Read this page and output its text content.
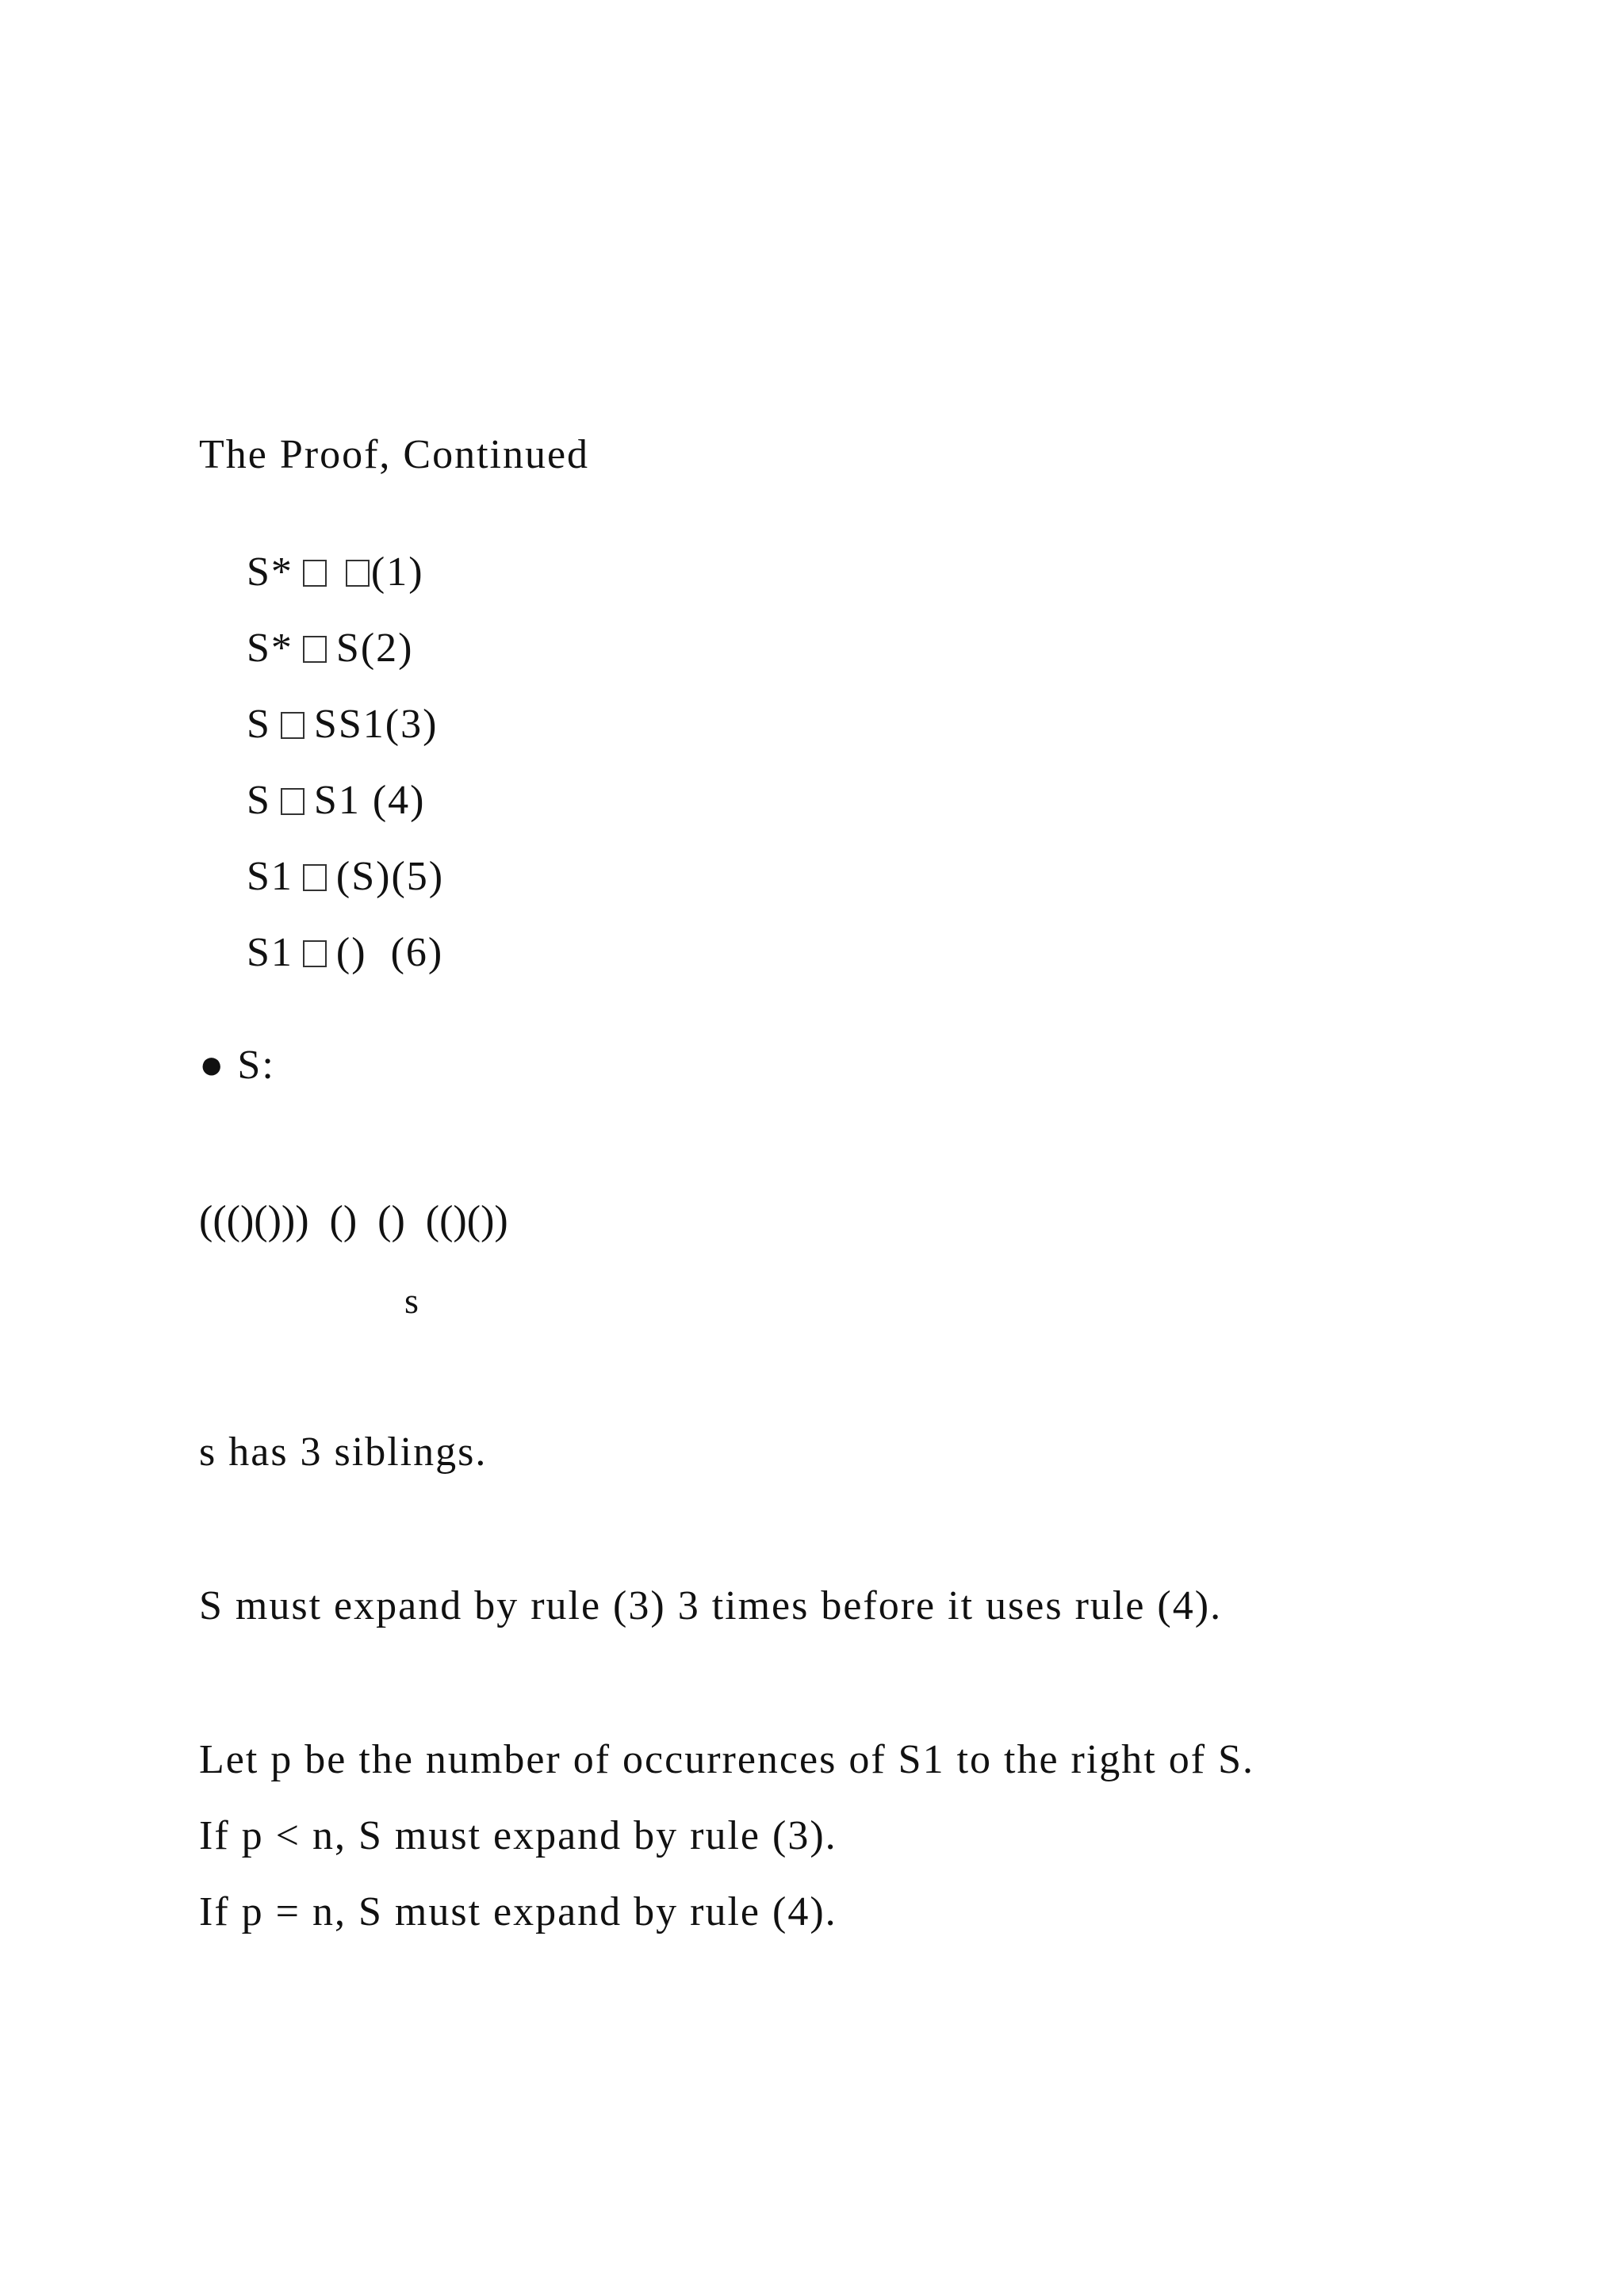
The Proof, Continued

S* (1)

S* S(2)

S SS1(3)

S S1 (4)

S1 (S)(5)

S1 ()  (6)

● S:
((()()))  ()  ()  (()())
s
s has 3 siblings.
S must expand by rule (3) 3 times before it uses rule (4).
Let p be the number of occurrences of S1 to the right of S.
If p < n, S must expand by rule (3).
If p = n, S must expand by rule (4).
